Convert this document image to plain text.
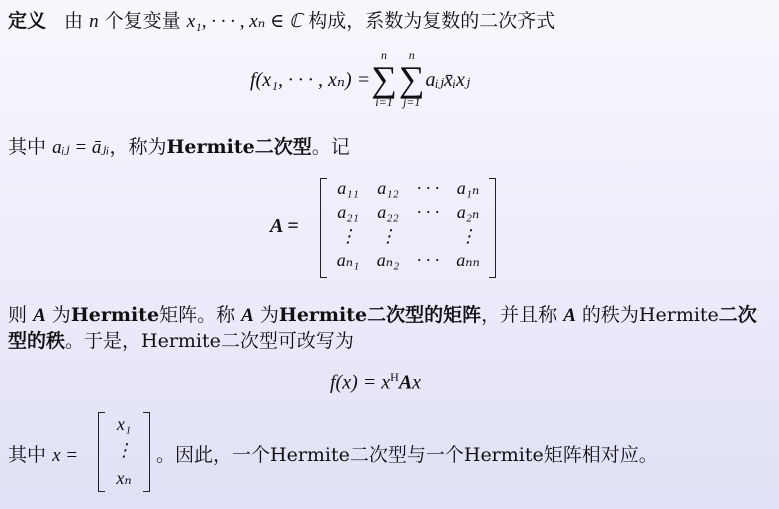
定义 由 n 个复变量 x₁, · · · , xₙ ∈ ℂ 构成，系数为复数的二次齐式
f(x₁, · · · , xₙ) =
n
∑
i=1
n
∑
j=1
aᵢⱼx̄ᵢxⱼ
其中 aᵢⱼ = āⱼᵢ，称为Hermite二次型。记
A =
a₁₁	a₁₂	· · · a₁ₙ
a₂₁	a₂₂	· · · a₂ₙ
⋮	⋮	⋮
aₙ₁ aₙ₂ · · · aₙₙ
则 A 为Hermite矩阵。称 A 为Hermite二次型的矩阵，并且称 A 的秩为Hermite二次
型的秩。于是，Hermite二次型可改写为
$f(x) = x^HAx$
其中 x =
x₁
⋮
xₙ
。因此，一个Hermite二次型与一个Hermite矩阵相对应。
